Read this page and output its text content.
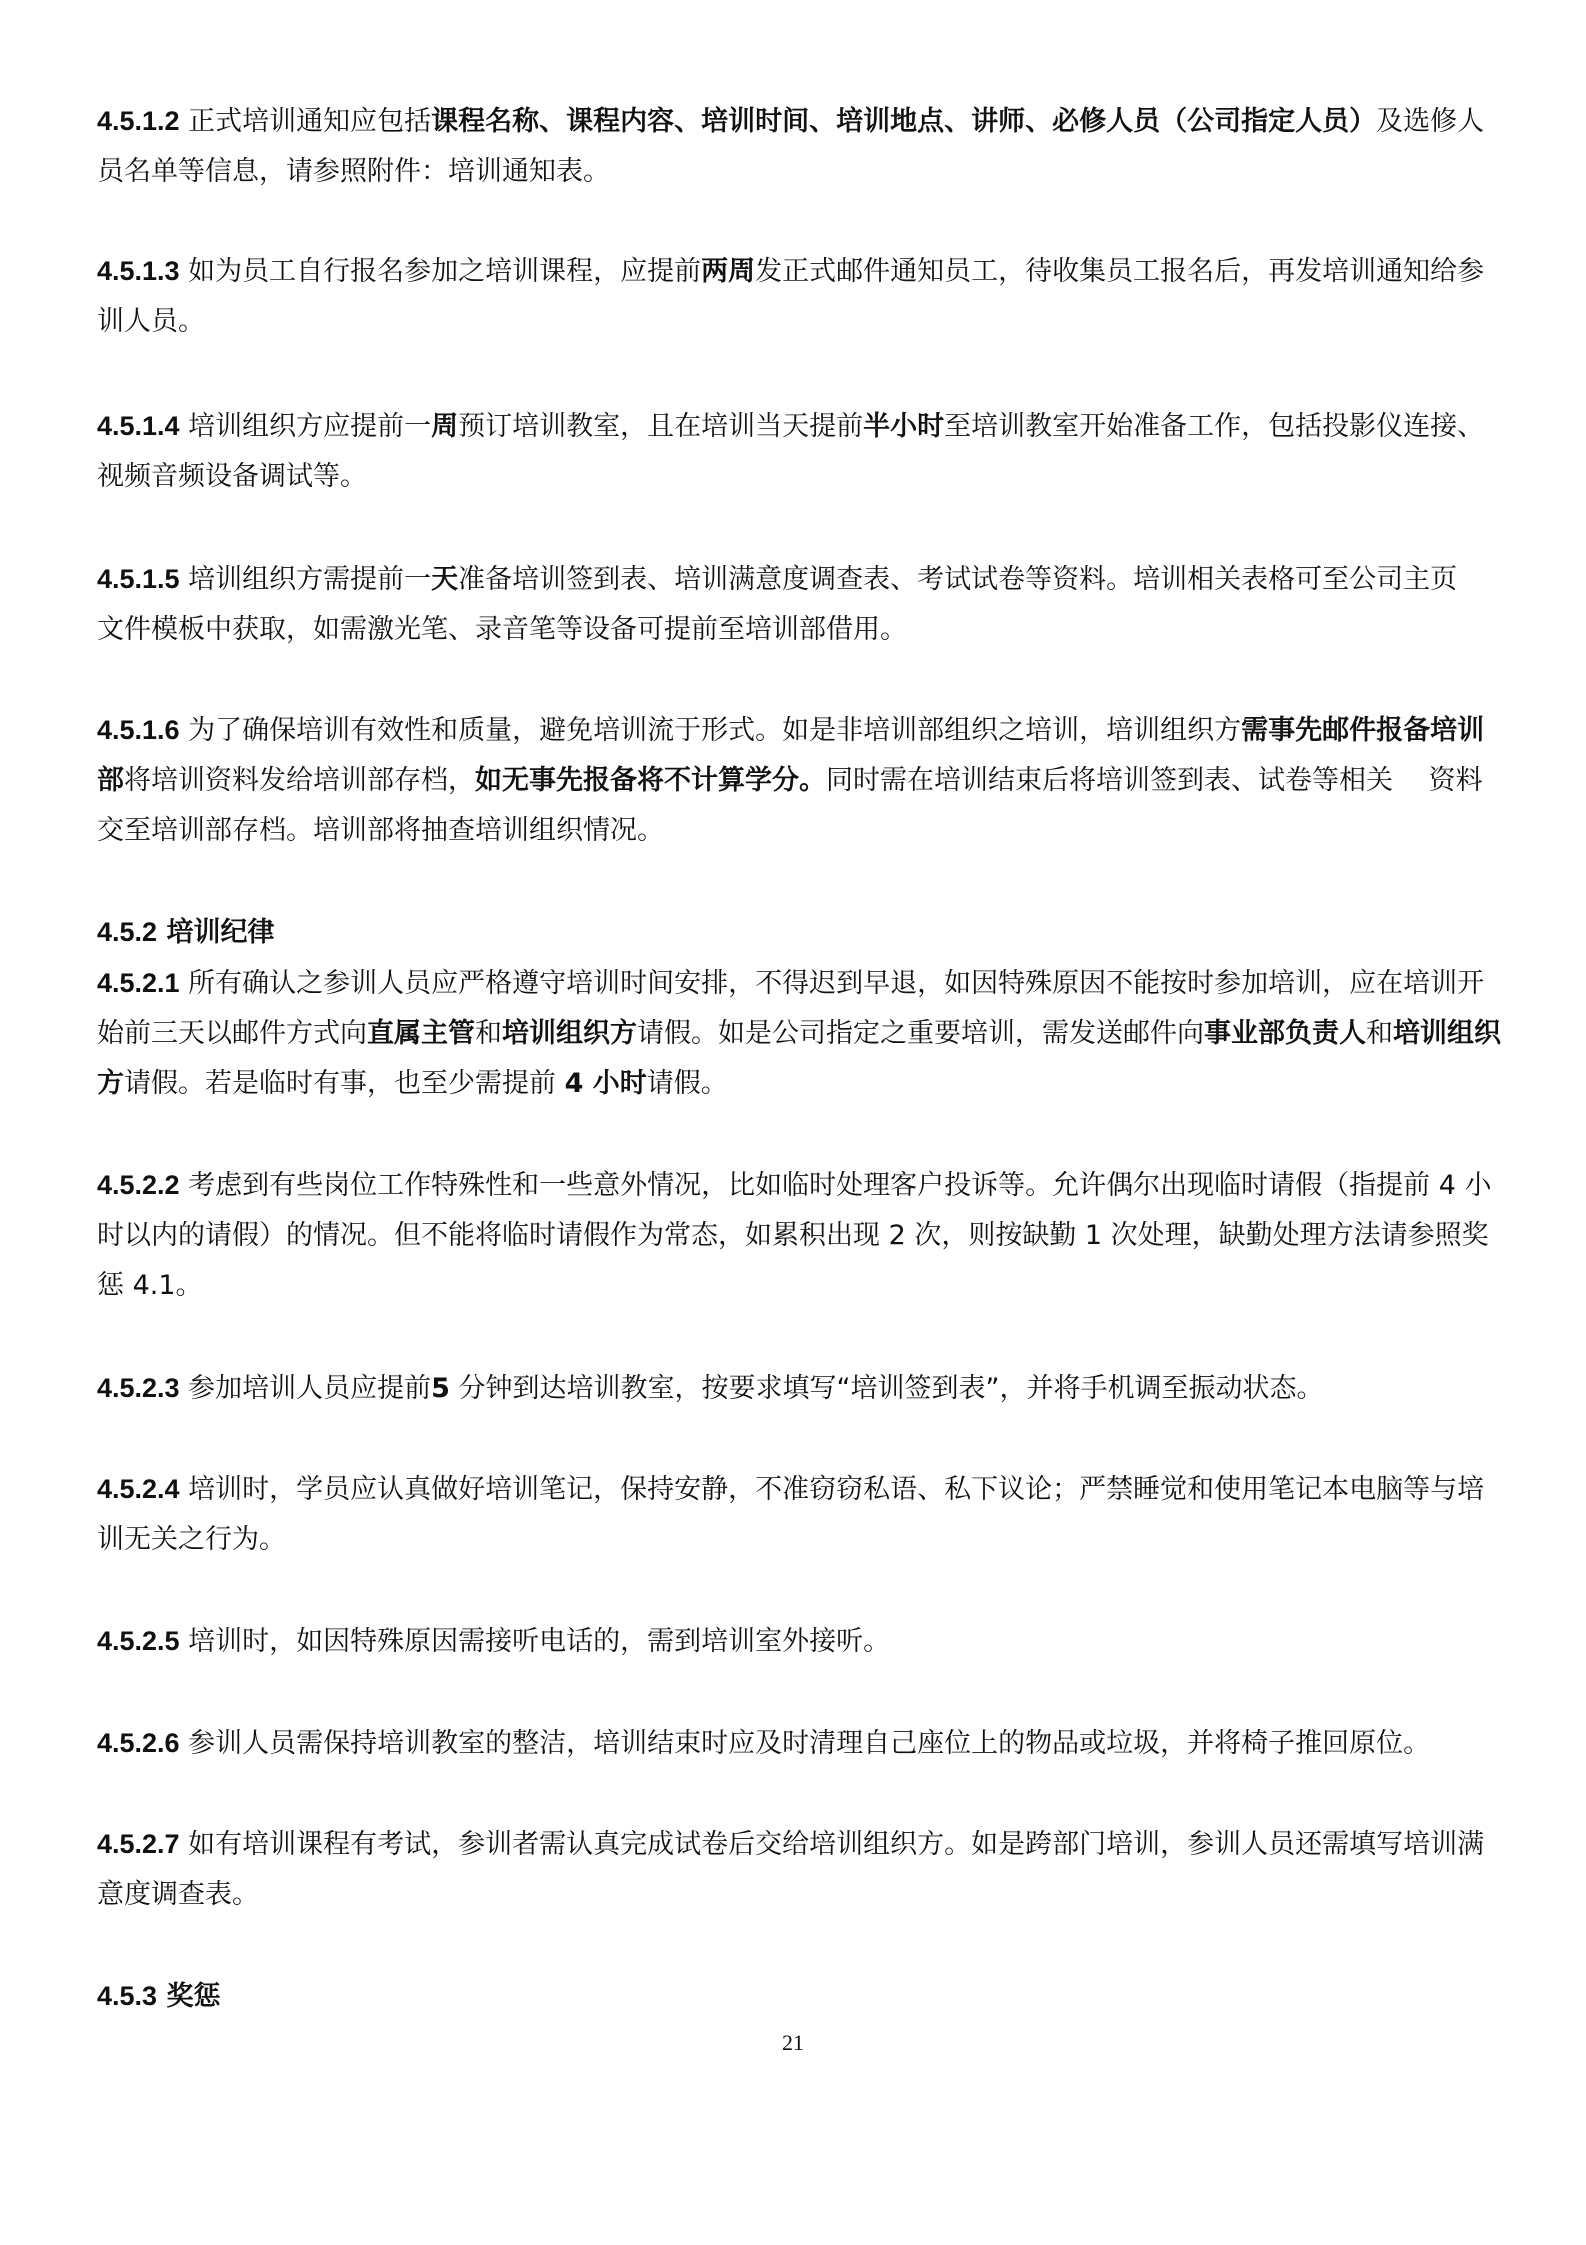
4.5.1.2 正式培训通知应包括课程名称、课程内容、培训时间、培训地点、讲师、必修人员（公司指定人员）及选修人员名单等信息，请参照附件：培训通知表。

4.5.1.3 如为员工自行报名参加之培训课程，应提前两周发正式邮件通知员工，待收集员工报名后，再发培训通知给参训人员。

4.5.1.4 培训组织方应提前一周预订培训教室，且在培训当天提前半小时至培训教室开始准备工作，包括投影仪连接、
视频音频设备调试等。

4.5.1.5 培训组织方需提前一天准备培训签到表、培训满意度调查表、考试试卷等资料。培训相关表格可至公司主页
文件模板中获取，如需激光笔、录音笔等设备可提前至培训部借用。

4.5.1.6 为了确保培训有效性和质量，避免培训流于形式。如是非培训部组织之培训，培训组织方需事先邮件报备培训部将培训资料发给培训部存档，如无事先报备将不计算学分。同时需在培训结束后将培训签到表、试卷等相关　 资料交至培训部存档。培训部将抽查培训组织情况。

4.5.2 培训纪律

4.5.2.1 所有确认之参训人员应严格遵守培训时间安排，不得迟到早退，如因特殊原因不能按时参加培训，应在培训开始前三天以邮件方式向直属主管和培训组织方请假。如是公司指定之重要培训，需发送邮件向事业部负责人和培训组织方请假。若是临时有事，也至少需提前 4 小时请假。

4.5.2.2 考虑到有些岗位工作特殊性和一些意外情况，比如临时处理客户投诉等。允许偶尔出现临时请假（指提前 4 小时以内的请假）的情况。但不能将临时请假作为常态，如累积出现 2 次，则按缺勤 1 次处理，缺勤处理方法请参照奖惩 4.1。

4.5.2.3 参加培训人员应提前5 分钟到达培训教室，按要求填写“培训签到表”，并将手机调至振动状态。

4.5.2.4 培训时，学员应认真做好培训笔记，保持安静，不准窃窃私语、私下议论；严禁睡觉和使用笔记本电脑等与培训无关之行为。

4.5.2.5 培训时，如因特殊原因需接听电话的，需到培训室外接听。

4.5.2.6 参训人员需保持培训教室的整洁，培训结束时应及时清理自己座位上的物品或垃圾，并将椅子推回原位。

4.5.2.7 如有培训课程有考试，参训者需认真完成试卷后交给培训组织方。如是跨部门培训，参训人员还需填写培训满意度调查表。

4.5.3 奖惩

21
